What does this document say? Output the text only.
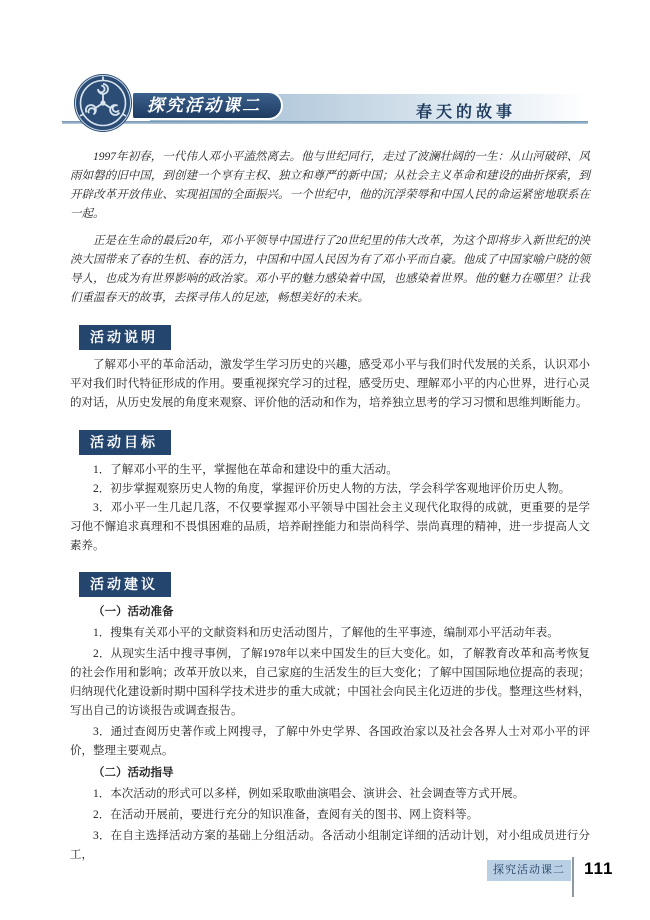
探究活动课二	春天的故事

1997年初春，一代伟人邓小平溘然离去。他与世纪同行，走过了波澜壮阔的一生：从山河破碎、风雨如磐的旧中国，到创建一个享有主权、独立和尊严的新中国；从社会主义革命和建设的曲折探索，到开辟改革开放伟业、实现祖国的全面振兴。一个世纪中，他的沉浮荣辱和中国人民的命运紧密地联系在一起。

正是在生命的最后20年，邓小平领导中国进行了20世纪里的伟大改革，为这个即将步入新世纪的泱泱大国带来了春的生机、春的活力，中国和中国人民因为有了邓小平而自豪。他成了中国家喻户晓的领导人，也成为有世界影响的政治家。邓小平的魅力感染着中国，也感染着世界。他的魅力在哪里？让我们重温春天的故事，去探寻伟人的足迹，畅想美好的未来。

活动说明

了解邓小平的革命活动，激发学生学习历史的兴趣，感受邓小平与我们时代发展的关系，认识邓小平对我们时代特征形成的作用。要重视探究学习的过程，感受历史、理解邓小平的内心世界，进行心灵的对话，从历史发展的角度来观察、评价他的活动和作为，培养独立思考的学习习惯和思维判断能力。

活动目标

1．了解邓小平的生平，掌握他在革命和建设中的重大活动。

2．初步掌握观察历史人物的角度，掌握评价历史人物的方法，学会科学客观地评价历史人物。

3．邓小平一生几起几落，不仅要掌握邓小平领导中国社会主义现代化取得的成就，更重要的是学习他不懈追求真理和不畏惧困难的品质，培养耐挫能力和崇尚科学、崇尚真理的精神，进一步提高人文素养。

活动建议

（一）活动准备

1．搜集有关邓小平的文献资料和历史活动图片，了解他的生平事迹，编制邓小平活动年表。

2．从现实生活中搜寻事例，了解1978年以来中国发生的巨大变化。如，了解教育改革和高考恢复的社会作用和影响；改革开放以来，自己家庭的生活发生的巨大变化；了解中国国际地位提高的表现；归纳现代化建设新时期中国科学技术进步的重大成就；中国社会向民主化迈进的步伐。整理这些材料，写出自己的访谈报告或调查报告。

3．通过查阅历史著作或上网搜寻，了解中外史学界、各国政治家以及社会各界人士对邓小平的评价，整理主要观点。

（二）活动指导

1．本次活动的形式可以多样，例如采取歌曲演唱会、演讲会、社会调查等方式开展。

2．在活动开展前，要进行充分的知识准备，查阅有关的图书、网上资料等。

3．在自主选择活动方案的基础上分组活动。各活动小组制定详细的活动计划，对小组成员进行分工，

探究活动课二	111
